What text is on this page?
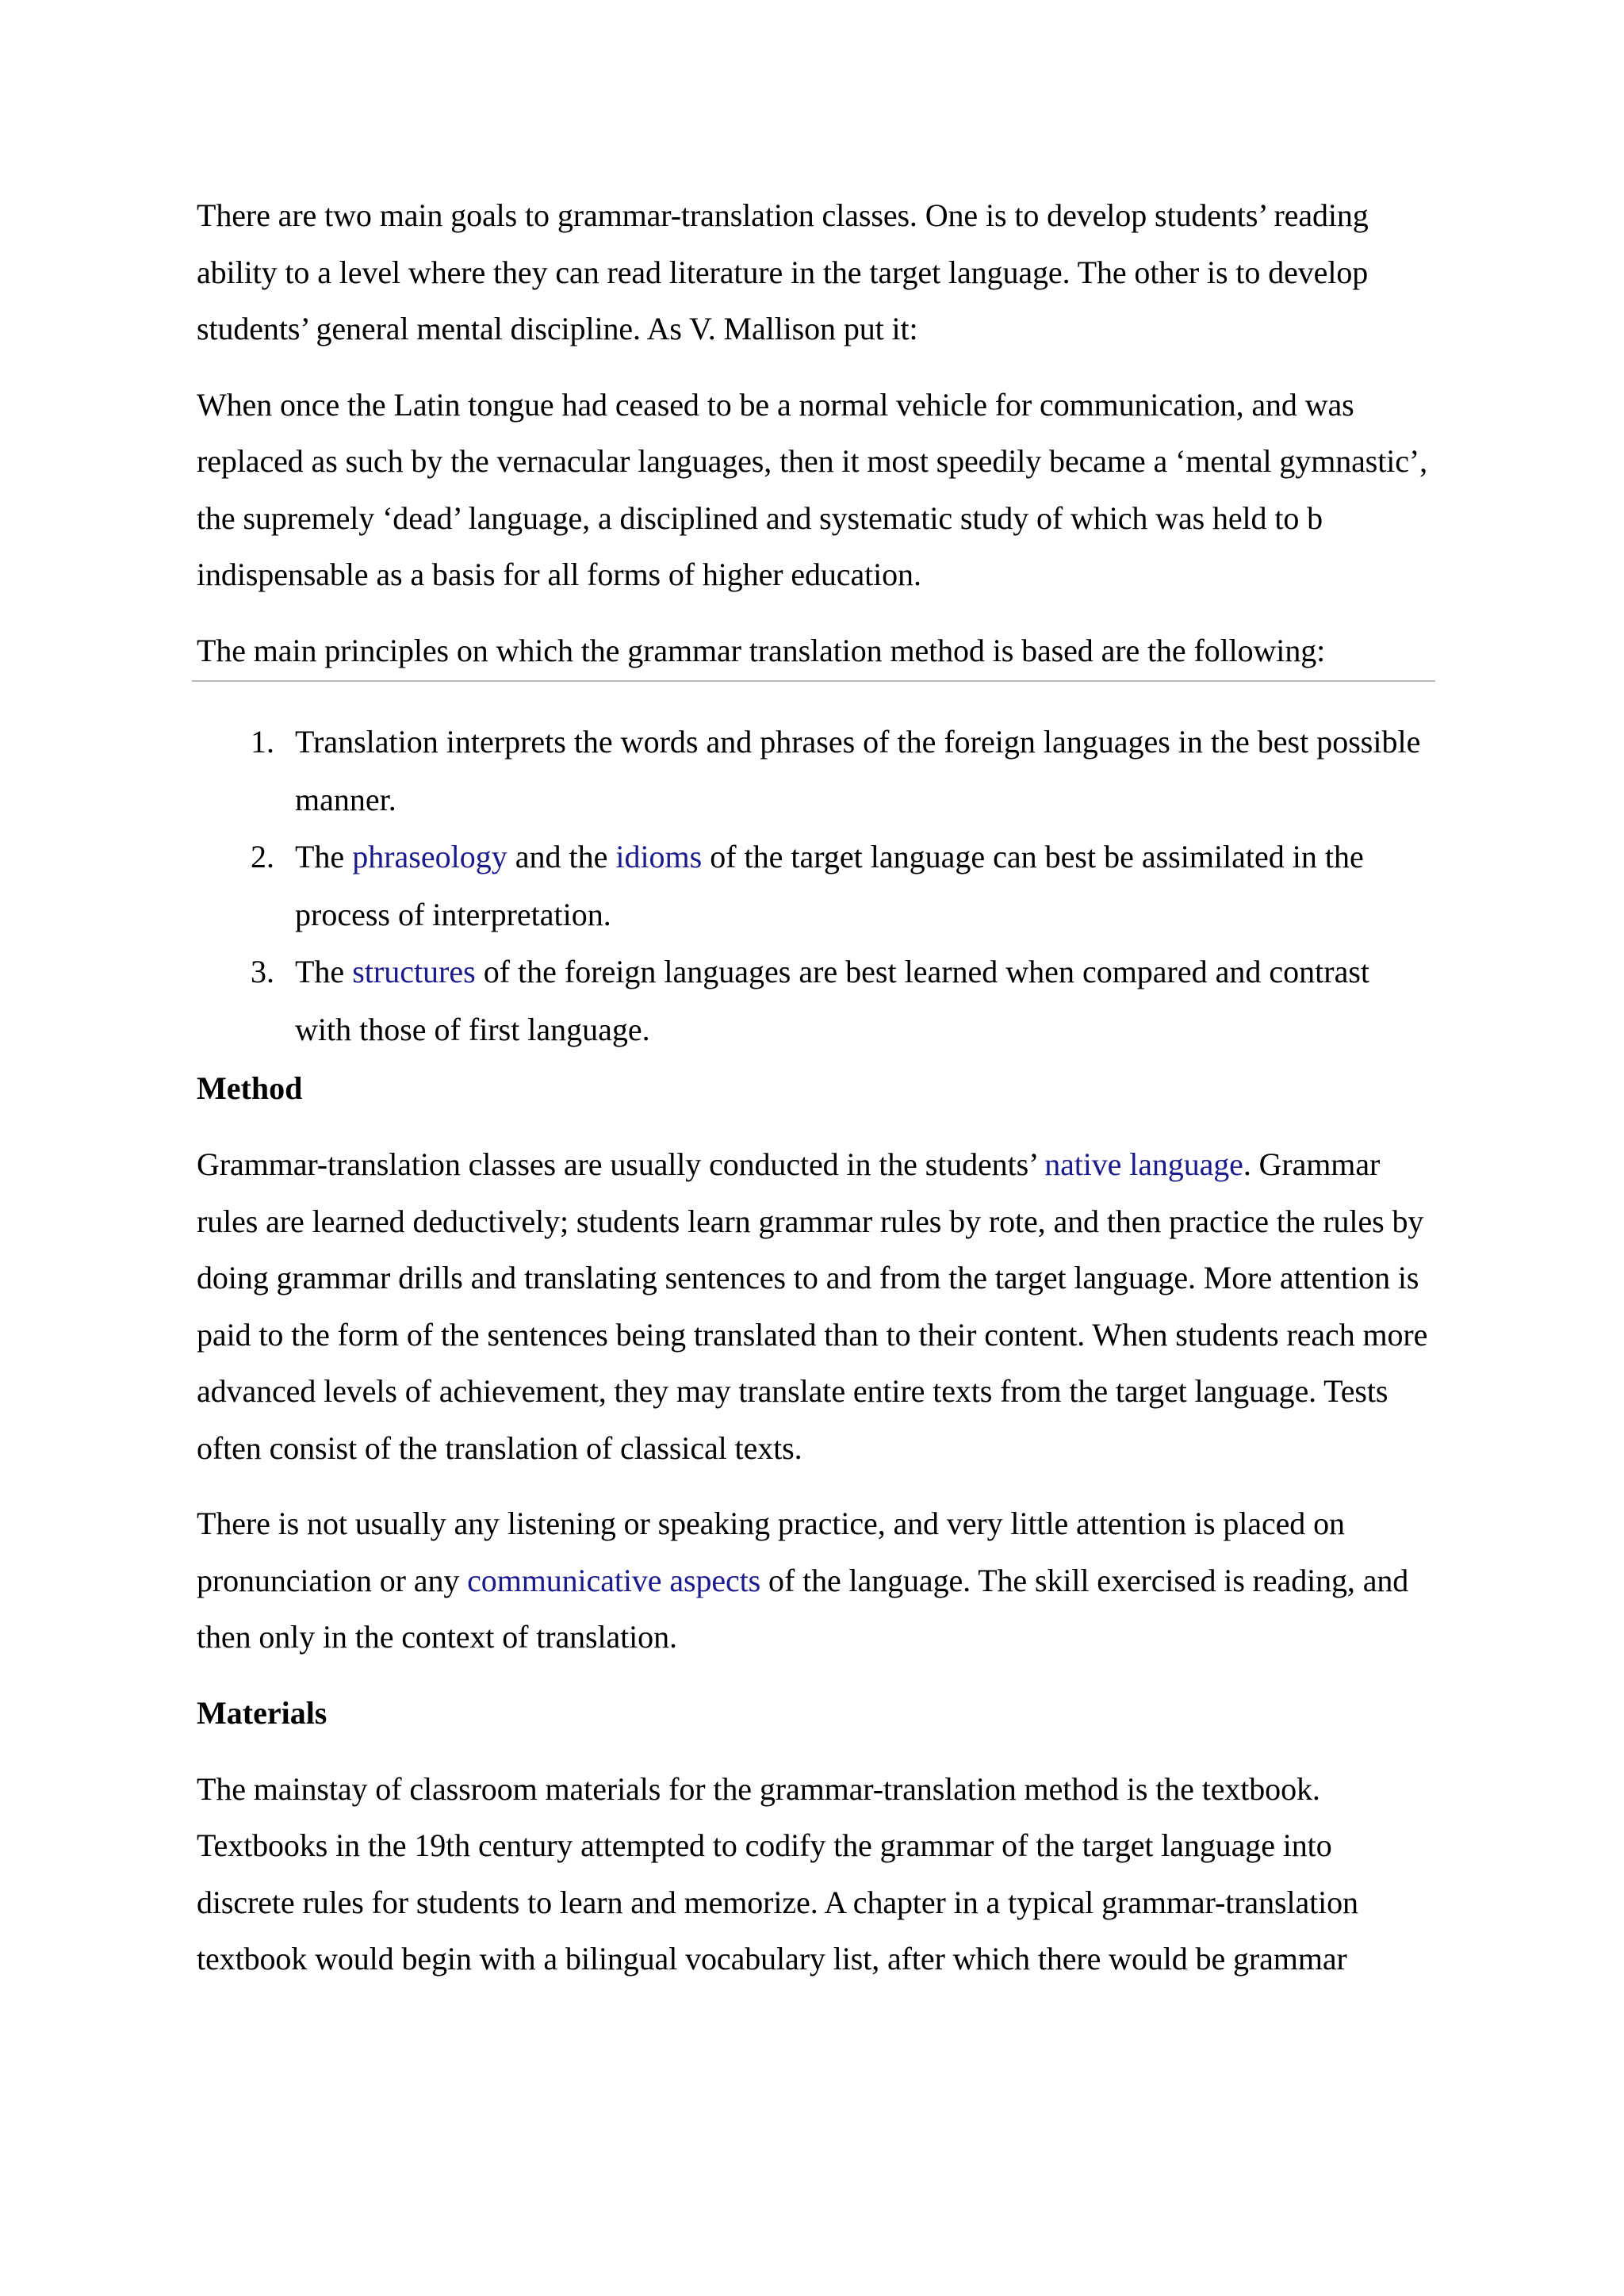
There are two main goals to grammar-translation classes. One is to develop students’ reading ability to a level where they can read literature in the target language. The other is to develop students’ general mental discipline. As V. Mallison put it:

When once the Latin tongue had ceased to be a normal vehicle for communication, and was replaced as such by the vernacular languages, then it most speedily became a ‘mental gymnastic’, the supremely ‘dead’ language, a disciplined and systematic study of which was held to b indispensable as a basis for all forms of higher education.

The main principles on which the grammar translation method is based are the following:

1. Translation interprets the words and phrases of the foreign languages in the best possible manner.
2. The phraseology and the idioms of the target language can best be assimilated in the process of interpretation.
3. The structures of the foreign languages are best learned when compared and contrast with those of first language.
Method

Grammar-translation classes are usually conducted in the students’ native language. Grammar rules are learned deductively; students learn grammar rules by rote, and then practice the rules by doing grammar drills and translating sentences to and from the target language. More attention is paid to the form of the sentences being translated than to their content. When students reach more advanced levels of achievement, they may translate entire texts from the target language. Tests often consist of the translation of classical texts.

There is not usually any listening or speaking practice, and very little attention is placed on pronunciation or any communicative aspects of the language. The skill exercised is reading, and then only in the context of translation.

Materials

The mainstay of classroom materials for the grammar-translation method is the textbook. Textbooks in the 19th century attempted to codify the grammar of the target language into discrete rules for students to learn and memorize. A chapter in a typical grammar-translation textbook would begin with a bilingual vocabulary list, after which there would be grammar
